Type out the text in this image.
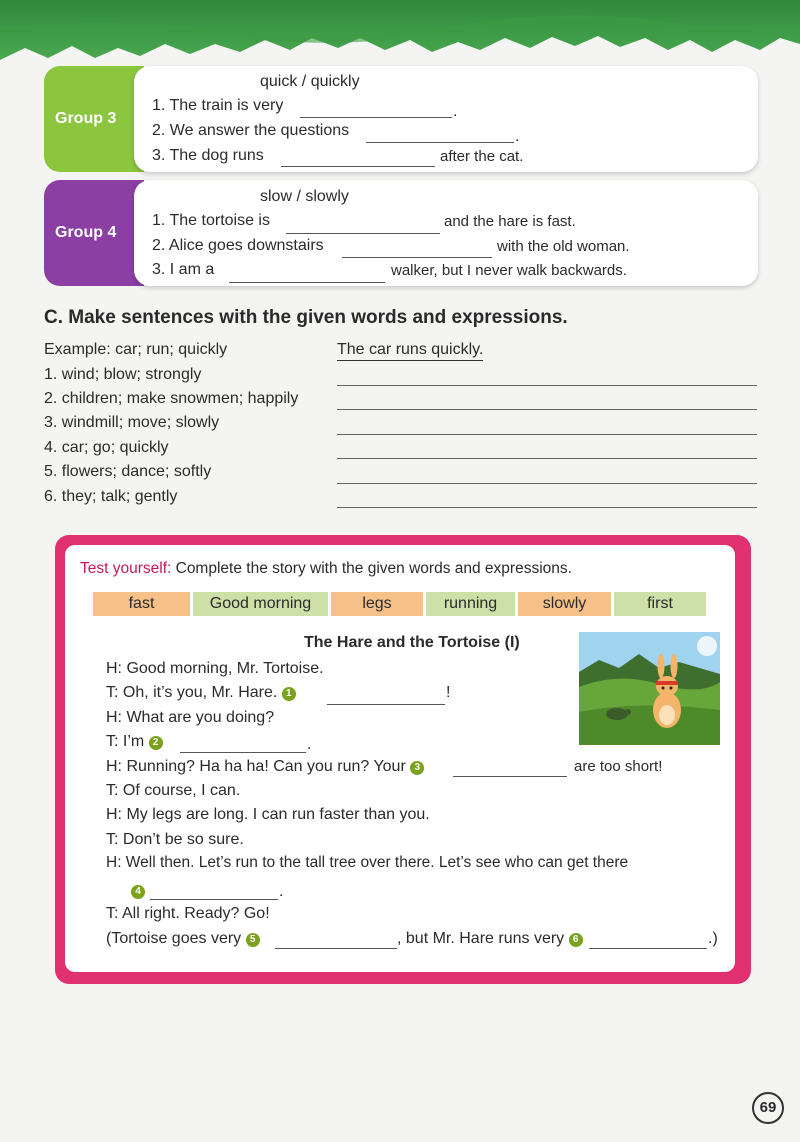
Group 3
quick / quickly
1. The train is very	.
2. We answer the questions	.
3. The dog runs	after the cat.
Group 4
slow / slowly
1. The tortoise is	and the hare is fast.
2. Alice goes downstairs	with the old woman.
3. I am a	walker, but I never walk backwards.
C. Make sentences with the given words and expressions.
Example: car; run; quickly	The car runs quickly.
1. wind; blow; strongly
2. children; make snowmen; happily
3. windmill; move; slowly
4. car; go; quickly
5. flowers; dance; softly
6. they; talk; gently
Test yourself: Complete the story with the given words and expressions.
fast	Good morning	legs	running	slowly	first
The Hare and the Tortoise (I)
H: Good morning, Mr. Tortoise.
T: Oh, it’s you, Mr. Hare. 1	!
H: What are you doing?
T: I’m 2	.
H: Running? Ha ha ha! Can you run? Your 3	are too short!
T: Of course, I can.
H: My legs are long. I can run faster than you.
T: Don’t be so sure.
H: Well then. Let’s run to the tall tree over there. Let’s see who can get there
4	.
T: All right. Ready? Go!
(Tortoise goes very 5	, but Mr. Hare runs very 6	.)
69
